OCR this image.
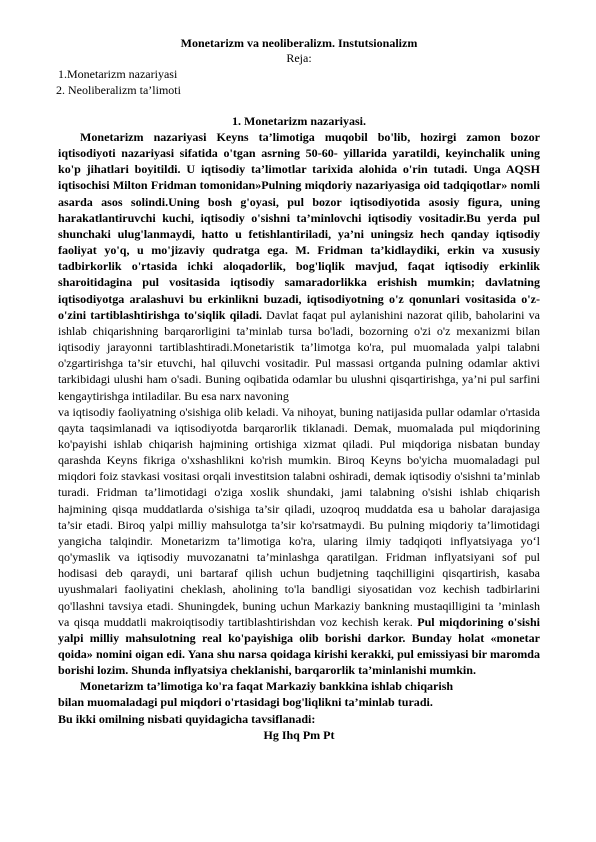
Monetarizm va neoliberalizm. Instutsionalizm

Reja:

1.Monetarizm nazariyasi

2. Neoliberalizm ta’limoti

1. Monetarizm nazariyasi.

Monetarizm nazariyasi Keyns ta’limotiga muqobil bo'lib, hozirgi zamon bozor iqtisodiyoti nazariyasi sifatida o'tgan asrning 50-60- yillarida yaratildi, keyinchalik uning ko'p jihatlari boyitildi. U iqtisodiy ta’limotlar tarixida alohida o'rin tutadi. Unga AQSH iqtisochisi Milton Fridman tomonidan»Pulning miqdoriy nazariyasiga oid tadqiqotlar» nomli asarda asos solindi.Uning bosh g'oyasi, pul bozor iqtisodiyotida asosiy figura, uning harakatlantiruvchi kuchi, iqtisodiy o'sishni ta’minlovchi iqtisodiy vositadir.Bu yerda pul shunchaki ulug'lanmaydi, hatto u fetishlantiriladi, ya’ni uningsiz hech qanday iqtisodiy faoliyat yo'q, u mo'jizaviy qudratga ega. M. Fridman ta’kidlaydiki, erkin va xususiy tadbirkorlik o'rtasida ichki aloqadorlik, bog'liqlik mavjud, faqat iqtisodiy erkinlik sharoitidagina pul vositasida iqtisodiy samaradorlikka erishish mumkin; davlatning iqtisodiyotga aralashuvi bu erkinlikni buzadi, iqtisodiyotning o'z qonunlari vositasida o'z-o'zini tartiblashtirishga to'siqlik qiladi. Davlat faqat pul aylanishini nazorat qilib, baholarini va ishlab chiqarishning barqarorligini ta’minlab tursa bo'ladi, bozorning o'zi o'z mexanizmi bilan iqtisodiy jarayonni tartiblashtiradi.Monetaristik ta’limotga ko'ra, pul muomalada yalpi talabni o'zgartirishga ta’sir etuvchi, hal qiluvchi vositadir. Pul massasi ortganda pulning odamlar aktivi tarkibidagi ulushi ham o'sadi. Buning oqibatida odamlar bu ulushni qisqartirishga, ya’ni pul sarfini kengaytirishga intiladilar. Bu esa narx navoning

va iqtisodiy faoliyatning o'sishiga olib keladi. Va nihoyat, buning natijasida pullar odamlar o'rtasida qayta taqsimlanadi va iqtisodiyotda barqarorlik tiklanadi. Demak, muomalada pul miqdorining ko'payishi ishlab chiqarish hajmining ortishiga xizmat qiladi. Pul miqdoriga nisbatan bunday qarashda Keyns fikriga o'xshashlikni ko'rish mumkin. Biroq Keyns bo'yicha muomaladagi pul miqdori foiz stavkasi vositasi orqali investitsion talabni oshiradi, demak iqtisodiy o'sishni ta’minlab turadi. Fridman ta’limotidagi o'ziga xoslik shundaki, jami talabning o'sishi ishlab chiqarish hajmining qisqa muddatlarda o'sishiga ta’sir qiladi, uzoqroq muddatda esa u baholar darajasiga ta’sir etadi. Biroq yalpi milliy mahsulotga ta’sir ko'rsatmaydi. Bu pulning miqdoriy ta’limotidagi yangicha talqindir. Monetarizm ta’limotiga ko'ra, ularing ilmiy tadqiqoti inflyatsiyaga yo‘l qo'ymaslik va iqtisodiy muvozanatni ta’minlashga qaratilgan. Fridman inflyatsiyani sof pul hodisasi deb qaraydi, uni bartaraf qilish uchun budjetning taqchilligini qisqartirish, kasaba uyushmalari faoliyatini cheklash, aholining to'la bandligi siyosatidan voz kechish tadbirlarini qo'llashni tavsiya etadi. Shuningdek, buning uchun Markaziy bankning mustaqilligini ta ’minlash va qisqa muddatli makroiqtisodiy tartiblashtirishdan voz kechish kerak. Pul miqdorining o'sishi yalpi milliy mahsulotning real ko'payishiga olib borishi darkor. Bunday holat «monetar qoida» nomini oigan edi. Yana shu narsa qoidaga kirishi kerakki, pul emissiyasi bir maromda borishi lozim. Shunda inflyatsiya cheklanishi, barqarorlik ta’minlanishi mumkin.

Monetarizm ta’limotiga ko'ra faqat Markaziy bankkina ishlab chiqarish

bilan muomaladagi pul miqdori o'rtasidagi bog'liqlikni ta’minlab turadi.

Bu ikki omilning nisbati quyidagicha tavsiflanadi:

Hg Ihq Pm Pt
